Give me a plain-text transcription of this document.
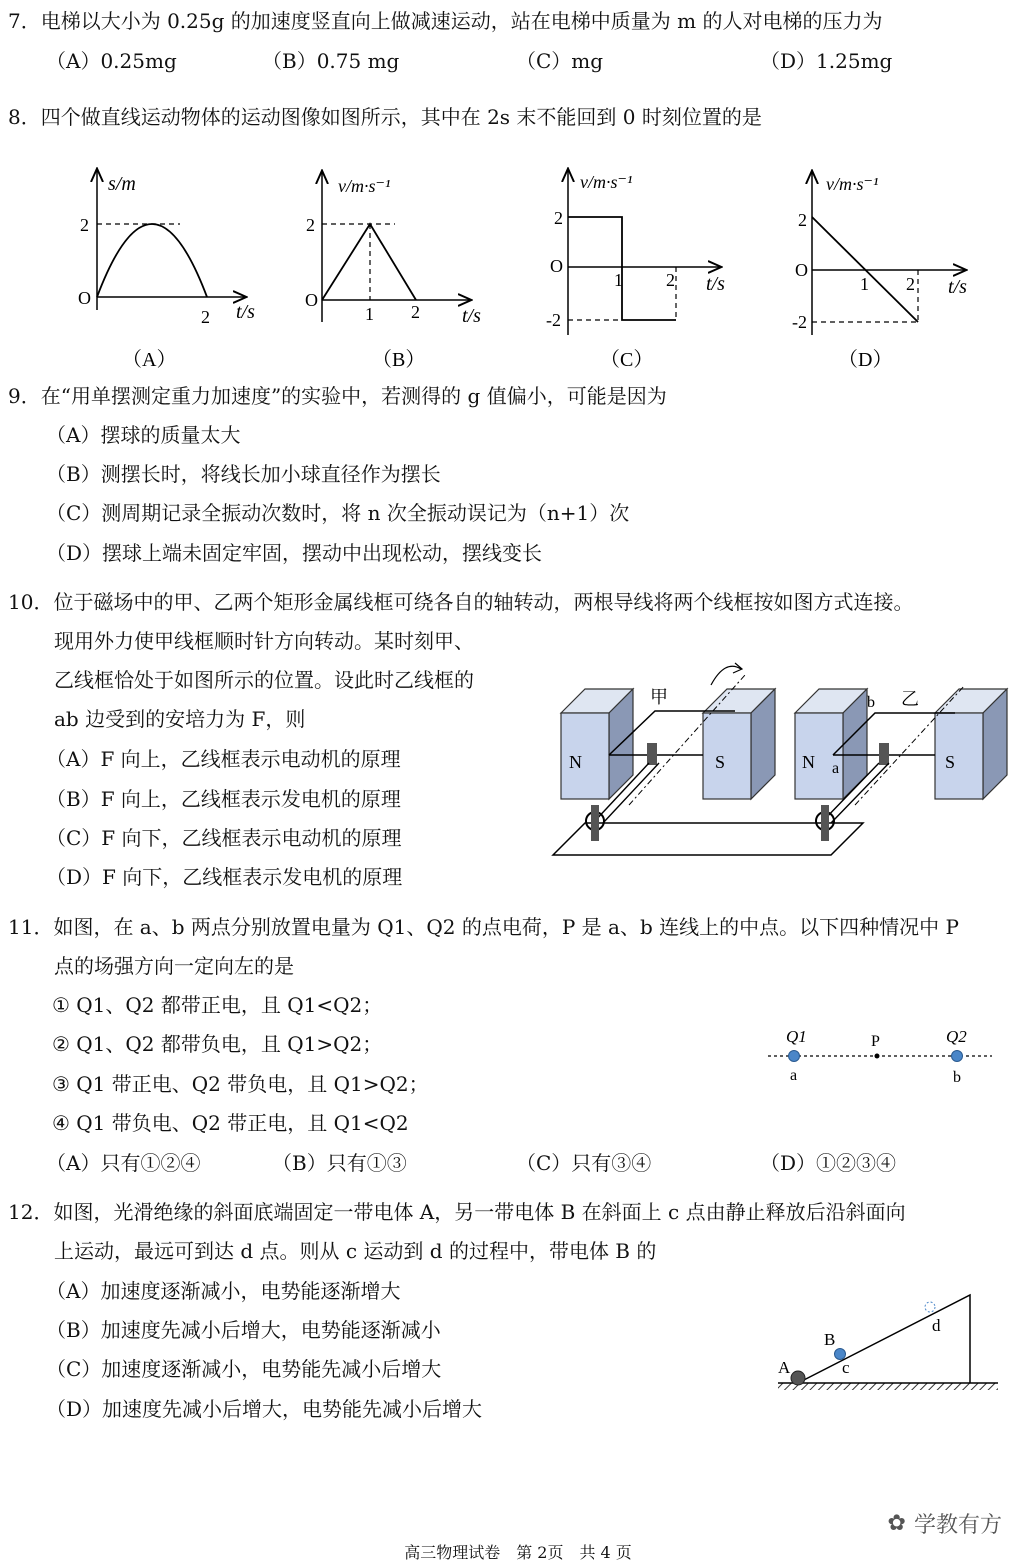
7．电梯以大小为 0.25g 的加速度竖直向上做减速运动，站在电梯中质量为 m 的人对电梯的压力为
（A）0.25mg	（B）0.75 mg	（C）mg	（D）1.25mg
8．四个做直线运动物体的运动图像如图所示，其中在 2s 末不能回到 0 时刻位置的是
s/m
t/s
2
O
2
（A）
v/m·s⁻¹
t/s
2
O
1 2
（B）
v/m·s⁻¹
t/s
2
O
1 2
-2
（C）
v/m·s⁻¹
t/s
2
O
1 2
-2
（D）
9．在“用单摆测定重力加速度”的实验中，若测得的 g 值偏小，可能是因为
（A）摆球的质量太大
（B）测摆长时，将线长加小球直径作为摆长
（C）测周期记录全振动次数时，将 n 次全振动误记为（n+1）次
（D）摆球上端未固定牢固，摆动中出现松动，摆线变长
10．位于磁场中的甲、乙两个矩形金属线框可绕各自的轴转动，两根导线将两个线框按如图方式连接。
现用外力使甲线框顺时针方向转动。某时刻甲、
乙线框恰处于如图所示的位置。设此时乙线框的
ab 边受到的安培力为 F，则
（A）F 向上，乙线框表示电动机的原理
（B）F 向上，乙线框表示发电机的原理
（C）F 向下，乙线框表示电动机的原理
（D）F 向下，乙线框表示发电机的原理
N	S	N	S
甲	b 乙
a
11．如图，在 a、b 两点分别放置电量为 Q1、Q2 的点电荷，P 是 a、b 连线上的中点。以下四种情况中 P
点的场强方向一定向左的是
① Q1、Q2 都带正电，且 Q1<Q2；
② Q1、Q2 都带负电，且 Q1>Q2；
③ Q1 带正电、Q2 带负电，且 Q1>Q2；
④ Q1 带负电、Q2 带正电，且 Q1<Q2
（A）只有①②④	（B）只有①③	（C）只有③④	（D）①②③④
Q1	Q2
P
a	b
12．如图，光滑绝缘的斜面底端固定一带电体 A，另一带电体 B 在斜面上 c 点由静止释放后沿斜面向
上运动，最远可到达 d 点。则从 c 运动到 d 的过程中，带电体 B 的
（A）加速度逐渐减小，电势能逐渐增大
（B）加速度先减小后增大，电势能逐渐减小
（C）加速度逐渐减小，电势能先减小后增大
（D）加速度先减小后增大，电势能先减小后增大
A
B
c
d
✿ 学教有方
高三物理试卷　第 2页　共 4 页
